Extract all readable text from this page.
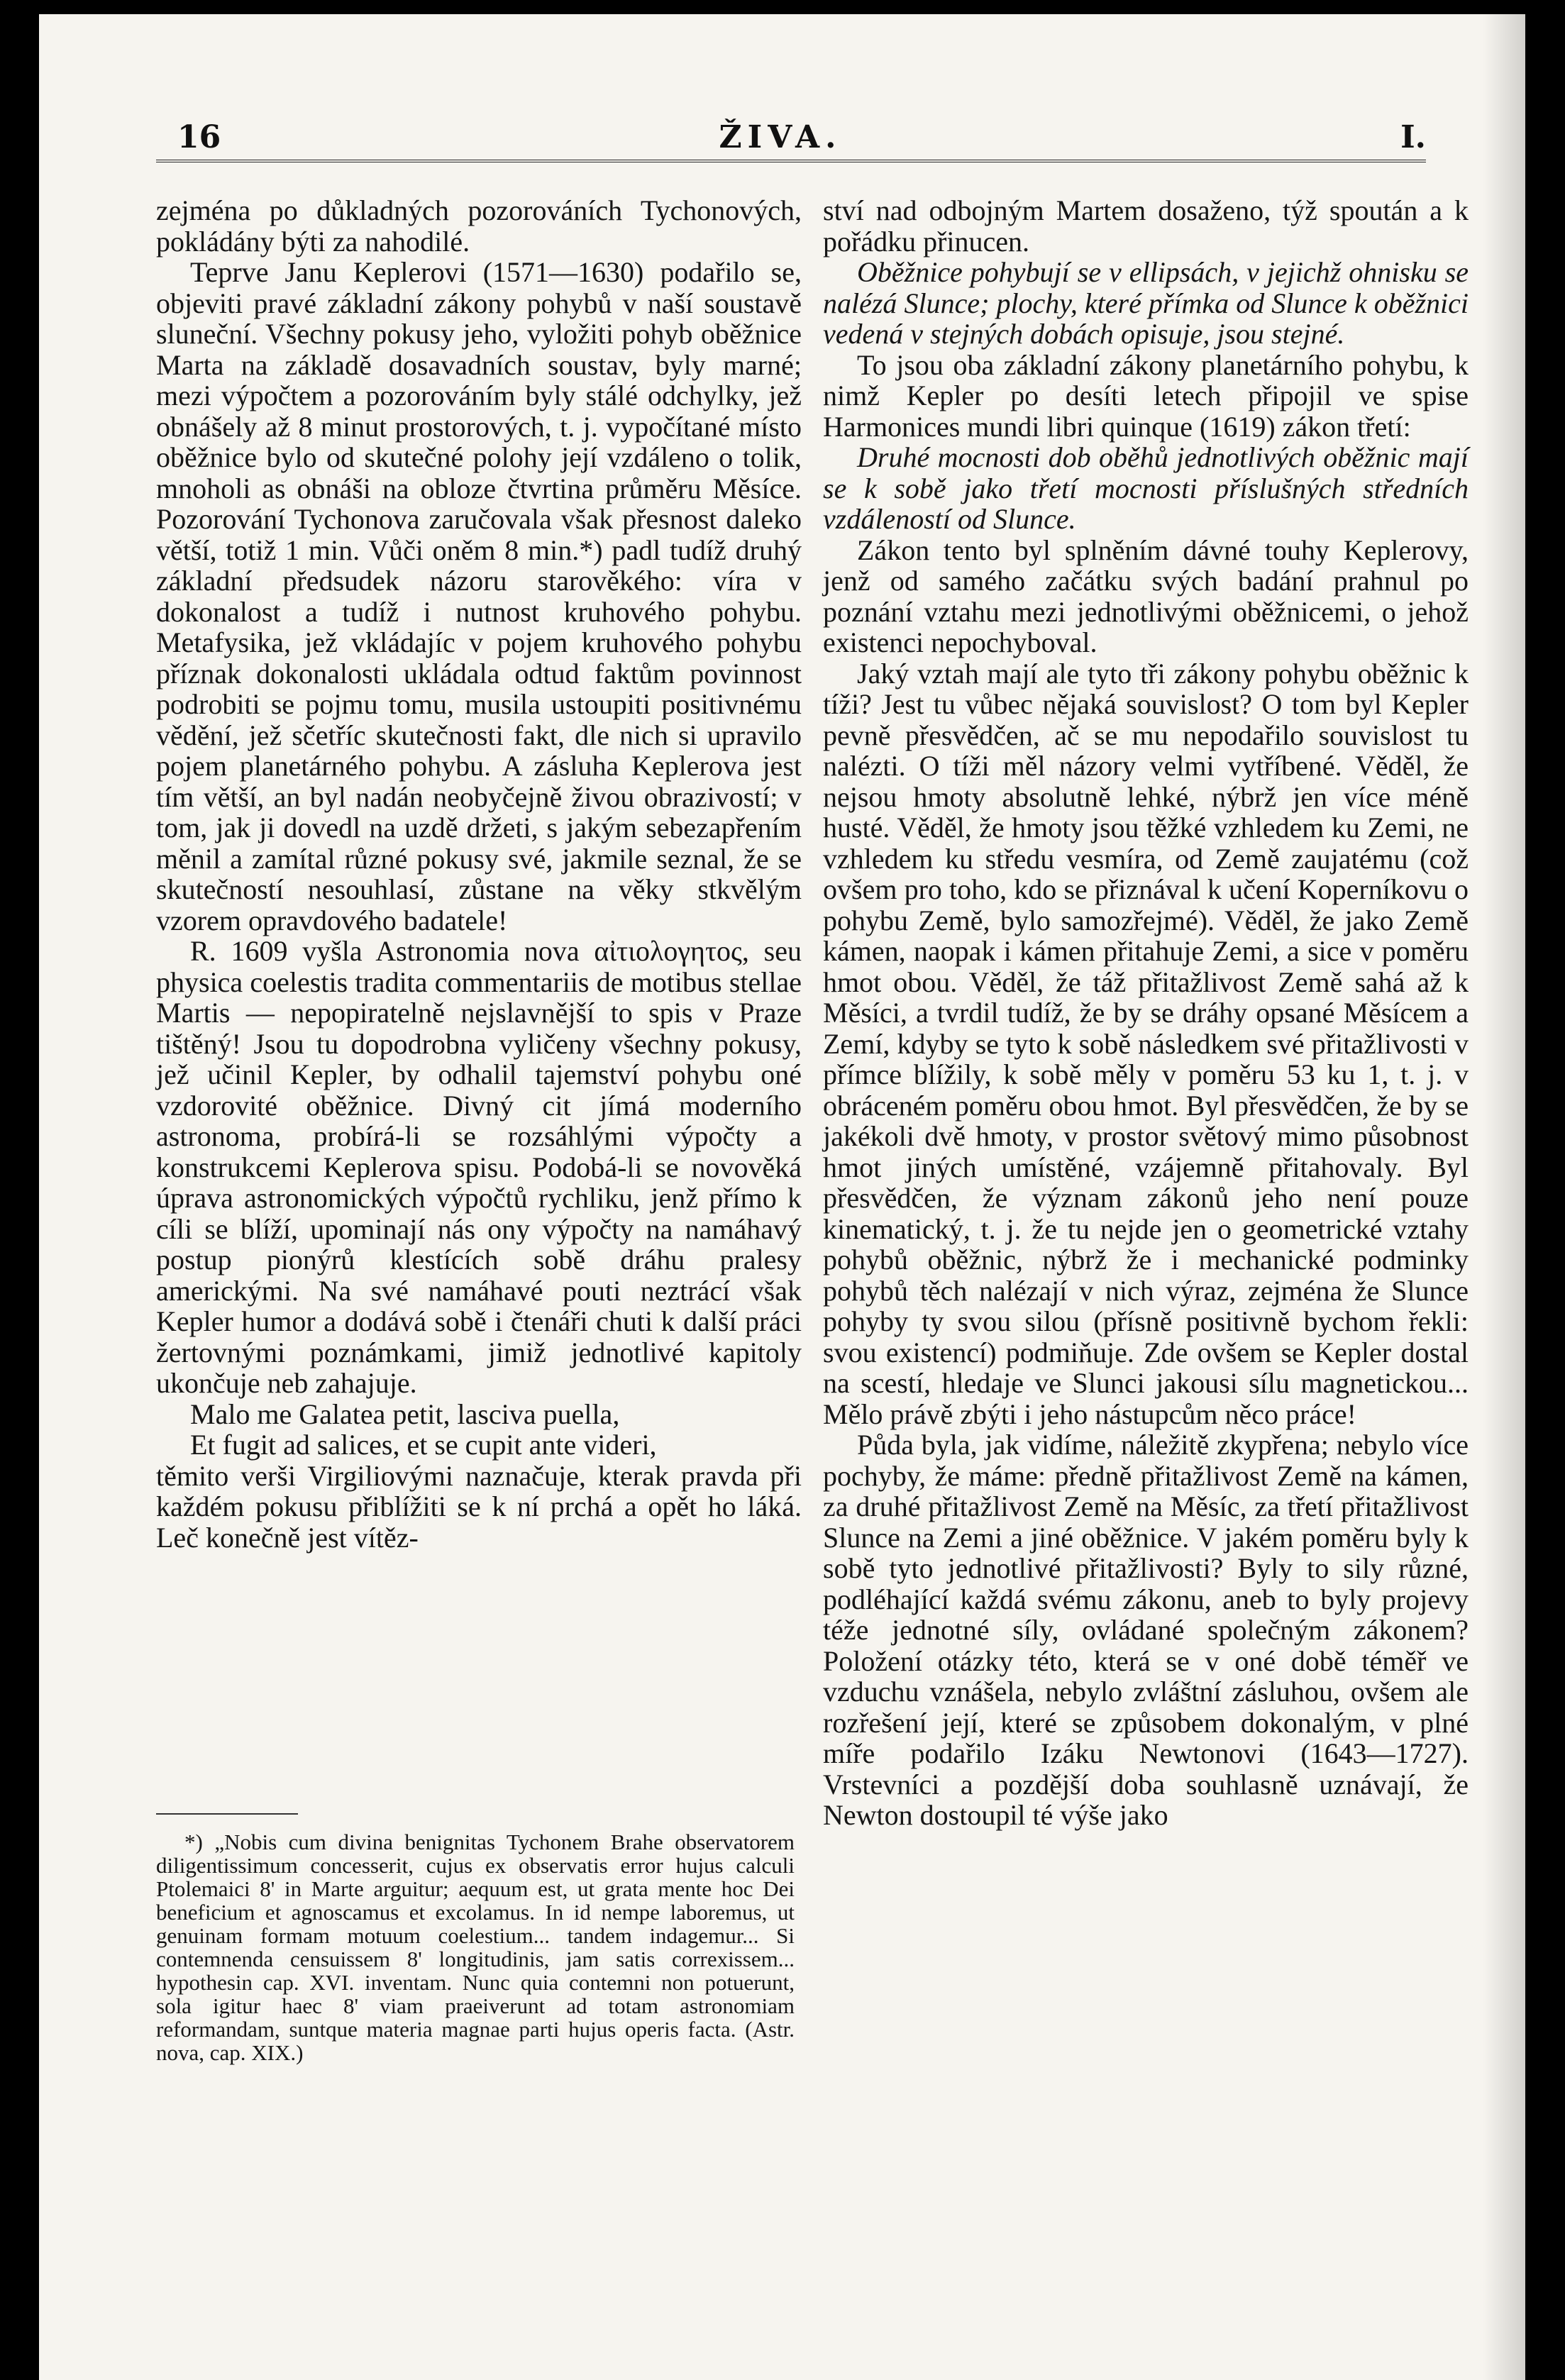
16	ŽIVA.	I.

zejména po důkladných pozorováních Tychonových, pokládány býti za nahodilé.

Teprve Janu Keplerovi (1571—1630) podařilo se, objeviti pravé základní zákony pohybů v naší soustavě sluneční. Všechny pokusy jeho, vyložiti pohyb oběžnice Marta na základě dosavadních soustav, byly marné; mezi výpočtem a pozorováním byly stálé odchylky, jež obnášely až 8 minut prostorových, t. j. vypočítané místo oběžnice bylo od skutečné polohy její vzdáleno o tolik, mnoholi as obnáši na obloze čtvrtina průměru Měsíce. Pozorování Tychonova zaručovala však přesnost daleko větší, totiž 1 min. Vůči oněm 8 min.*) padl tudíž druhý základní předsudek názoru starověkého: víra v dokonalost a tudíž i nutnost kruhového pohybu. Metafysika, jež vkládajíc v pojem kruhového pohybu příznak dokonalosti ukládala odtud faktům povinnost podrobiti se pojmu tomu, musila ustoupiti positivnému vědění, jež sčetříc skutečnosti fakt, dle nich si upravilo pojem planetárného pohybu. A zásluha Keplerova jest tím větší, an byl nadán neobyčejně živou obrazivostí; v tom, jak ji dovedl na uzdě držeti, s jakým sebezapřením měnil a zamítal různé pokusy své, jakmile seznal, že se skutečností nesouhlasí, zůstane na věky stkvělým vzorem opravdového badatele!

R. 1609 vyšla Astronomia nova αἰτιολογητος, seu physica coelestis tradita commentariis de motibus stellae Martis — nepopiratelně nejslavnější to spis v Praze tištěný! Jsou tu dopodrobna vyličeny všechny pokusy, jež učinil Kepler, by odhalil tajemství pohybu oné vzdorovité oběžnice. Divný cit jímá moderního astronoma, probírá-li se rozsáhlými výpočty a konstrukcemi Keplerova spisu. Podobá-li se novověká úprava astronomických výpočtů rychliku, jenž přímo k cíli se blíží, upominají nás ony výpočty na namáhavý postup pionýrů klestících sobě dráhu pralesy americkými. Na své namáhavé pouti neztrácí však Kepler humor a dodává sobě i čtenáři chuti k další práci žertovnými poznámkami, jimiž jednotlivé kapitoly ukončuje neb zahajuje.

Malo me Galatea petit, lasciva puella,

Et fugit ad salices, et se cupit ante videri,

těmito verši Virgiliovými naznačuje, kterak pravda při každém pokusu přiblížiti se k ní prchá a opět ho láká. Leč konečně jest vítěz-

*) „Nobis cum divina benignitas Tychonem Brahe observatorem diligentissimum concesserit, cujus ex observatis error hujus calculi Ptolemaici 8' in Marte arguitur; aequum est, ut grata mente hoc Dei beneficium et agnoscamus et excolamus. In id nempe laboremus, ut genuinam formam motuum coelestium... tandem indagemur... Si contemnenda censuissem 8' longitudinis, jam satis correxissem... hypothesin cap. XVI. inventam. Nunc quia contemni non potuerunt, sola igitur haec 8' viam praeiverunt ad totam astronomiam reformandam, suntque materia magnae parti hujus operis facta. (Astr. nova, cap. XIX.)

ství nad odbojným Martem dosaženo, týž spoután a k pořádku přinucen.

Oběžnice pohybují se v ellipsách, v jejichž ohnisku se nalézá Slunce; plochy, které přímka od Slunce k oběžnici vedená v stejných dobách opisuje, jsou stejné.

To jsou oba základní zákony planetárního pohybu, k nimž Kepler po desíti letech připojil ve spise Harmonices mundi libri quinque (1619) zákon třetí:

Druhé mocnosti dob oběhů jednotlivých oběžnic mají se k sobě jako třetí mocnosti příslušných středních vzdáleností od Slunce.

Zákon tento byl splněním dávné touhy Keplerovy, jenž od samého začátku svých badání prahnul po poznání vztahu mezi jednotlivými oběžnicemi, o jehož existenci nepochyboval.

Jaký vztah mají ale tyto tři zákony pohybu oběžnic k tíži? Jest tu vůbec nějaká souvislost? O tom byl Kepler pevně přesvědčen, ač se mu nepodařilo souvislost tu nalézti. O tíži měl názory velmi vytříbené. Věděl, že nejsou hmoty absolutně lehké, nýbrž jen více méně husté. Věděl, že hmoty jsou těžké vzhledem ku Zemi, ne vzhledem ku středu vesmíra, od Země zaujatému (což ovšem pro toho, kdo se přiznával k učení Koperníkovu o pohybu Země, bylo samozřejmé). Věděl, že jako Země kámen, naopak i kámen přitahuje Zemi, a sice v poměru hmot obou. Věděl, že táž přitažlivost Země sahá až k Měsíci, a tvrdil tudíž, že by se dráhy opsané Měsícem a Zemí, kdyby se tyto k sobě následkem své přitažlivosti v přímce blížily, k sobě měly v poměru 53 ku 1, t. j. v obráceném poměru obou hmot. Byl přesvědčen, že by se jakékoli dvě hmoty, v prostor světový mimo působnost hmot jiných umístěné, vzájemně přitahovaly. Byl přesvědčen, že význam zákonů jeho není pouze kinematický, t. j. že tu nejde jen o geometrické vztahy pohybů oběžnic, nýbrž že i mechanické podminky pohybů těch nalézají v nich výraz, zejména že Slunce pohyby ty svou silou (přísně positivně bychom řekli: svou existencí) podmiňuje. Zde ovšem se Kepler dostal na scestí, hledaje ve Slunci jakousi sílu magnetickou... Mělo právě zbýti i jeho nástupcům něco práce!

Půda byla, jak vidíme, náležitě zkypřena; nebylo více pochyby, že máme: předně přitažlivost Země na kámen, za druhé přitažlivost Země na Měsíc, za třetí přitažlivost Slunce na Zemi a jiné oběžnice. V jakém poměru byly k sobě tyto jednotlivé přitažlivosti? Byly to sily různé, podléhající každá svému zákonu, aneb to byly projevy téže jednotné síly, ovládané společným zákonem? Položení otázky této, která se v oné době téměř ve vzduchu vznášela, nebylo zvláštní zásluhou, ovšem ale rozřešení její, které se způsobem dokonalým, v plné míře podařilo Izáku Newtonovi (1643—1727). Vrstevníci a pozdější doba souhlasně uznávají, že Newton dostoupil té výše jako
